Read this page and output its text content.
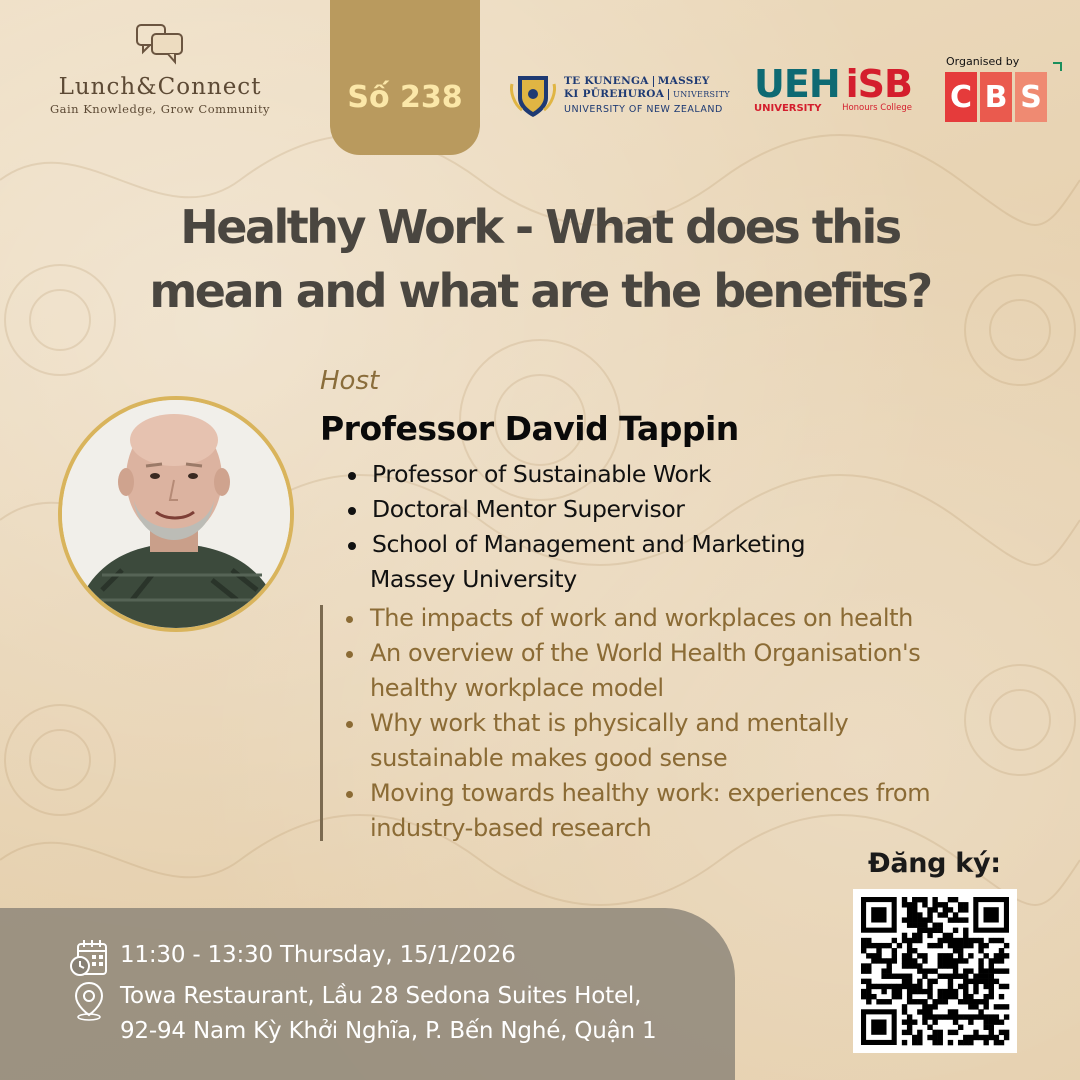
Lunch&Connect
Gain Knowledge, Grow Community	Số 238	TE KUNENGA MASSEY
KI PŪREHUROA UNIVERSITY
UNIVERSITY OF NEW ZEALAND
UEH iSB
UNIVERSITY Honours College
Organised by
C B S
Healthy Work - What does this
mean and what are the benefits?
Host
Professor David Tappin
Professor of Sustainable Work
Doctoral Mentor Supervisor
School of Management and Marketing
Massey University
The impacts of work and workplaces on health
An overview of the World Health Organisation's healthy workplace model
Why work that is physically and mentally sustainable makes good sense
Moving towards healthy work: experiences from industry-based research
11:30 - 13:30 Thursday, 15/1/2026
Towa Restaurant, Lầu 28 Sedona Suites Hotel,
92-94 Nam Kỳ Khởi Nghĩa, P. Bến Nghé, Quận 1
Đăng ký:
